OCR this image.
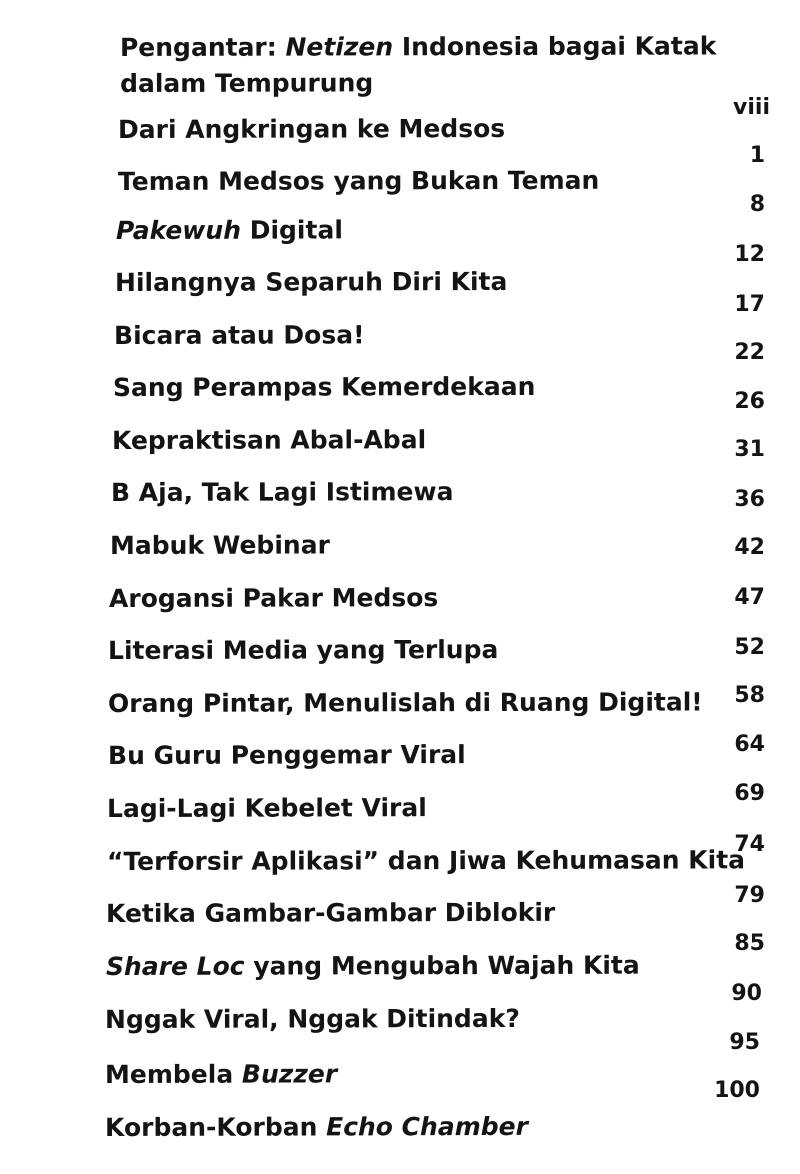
Pengantar: Netizen Indonesia bagai Katak
dalam Tempurung
Dari Angkringan ke Medsos
Teman Medsos yang Bukan Teman
Pakewuh Digital
Hilangnya Separuh Diri Kita
Bicara atau Dosa!
Sang Perampas Kemerdekaan
Kepraktisan Abal-Abal
B Aja, Tak Lagi Istimewa
Mabuk Webinar
Arogansi Pakar Medsos
Literasi Media yang Terlupa
Orang Pintar, Menulislah di Ruang Digital!
Bu Guru Penggemar Viral
Lagi-Lagi Kebelet Viral
“Terforsir Aplikasi” dan Jiwa Kehumasan Kita
Ketika Gambar-Gambar Diblokir
Share Loc yang Mengubah Wajah Kita
Nggak Viral, Nggak Ditindak?
Membela Buzzer
Korban-Korban Echo Chamber
viii
1
8
12
17
22
26
31
36
42
47
52
58
64
69
74
79
85
90
95
100
